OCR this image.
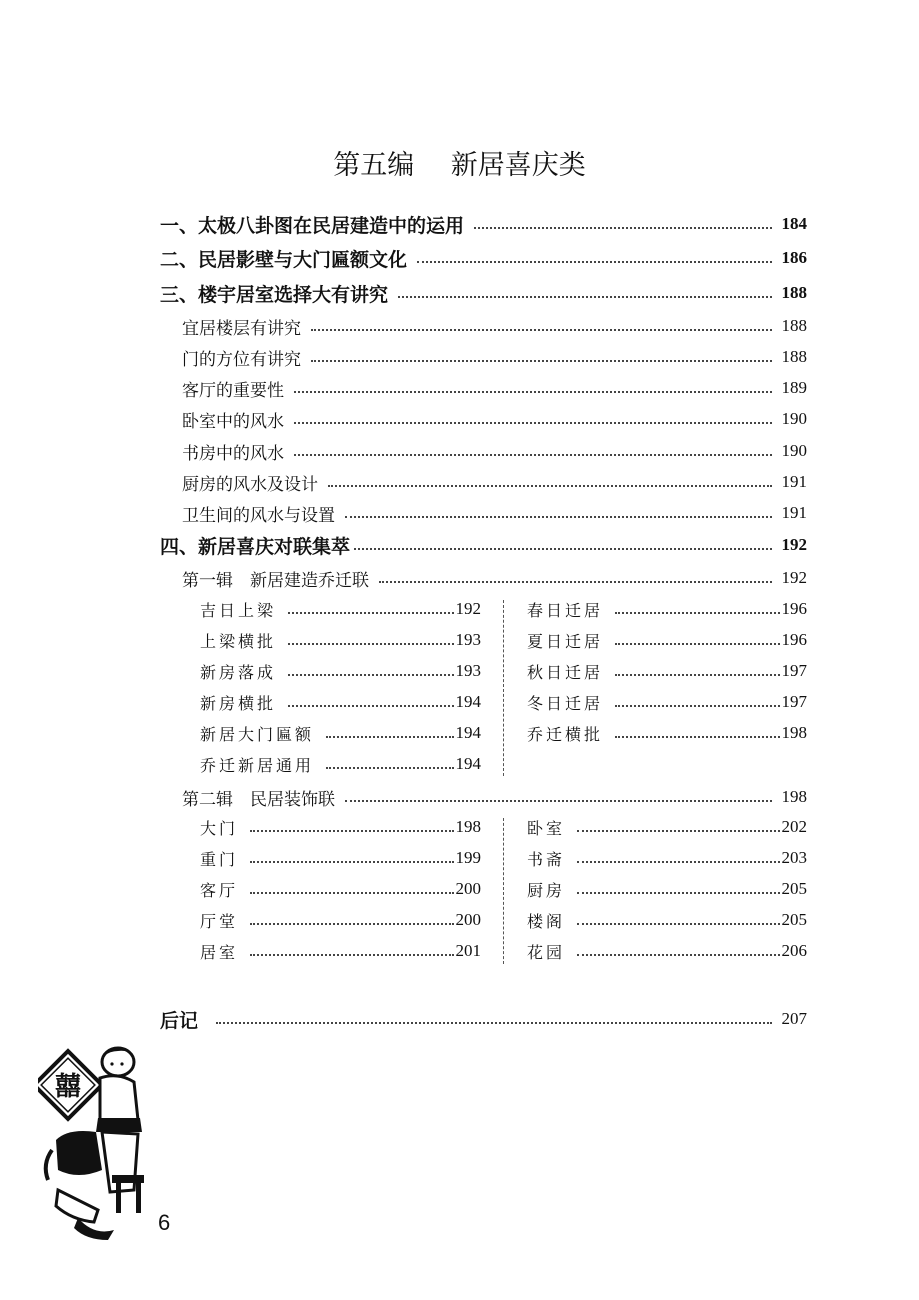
第五编 新居喜庆类
一、太极八卦图在民居建造中的运用	184
二、民居影壁与大门匾额文化	186
三、楼宇居室选择大有讲究	188
宜居楼层有讲究	188
门的方位有讲究	188
客厅的重要性	189
卧室中的风水	190
书房中的风水	190
厨房的风水及设计	191
卫生间的风水与设置	191
四、新居喜庆对联集萃	192
第一辑　新居建造乔迁联	192
吉日上梁	192
上梁横批	193
新房落成	193
新房横批	194
新居大门匾额	194
乔迁新居通用	194
春日迁居	196
夏日迁居	196
秋日迁居	197
冬日迁居	197
乔迁横批	198
第二辑　民居装饰联	198
大门	198
重门	199
客厅	200
厅堂	200
居室	201
卧室	202
书斋	203
厨房	205
楼阁	205
花园	206
后记	207
囍
6
